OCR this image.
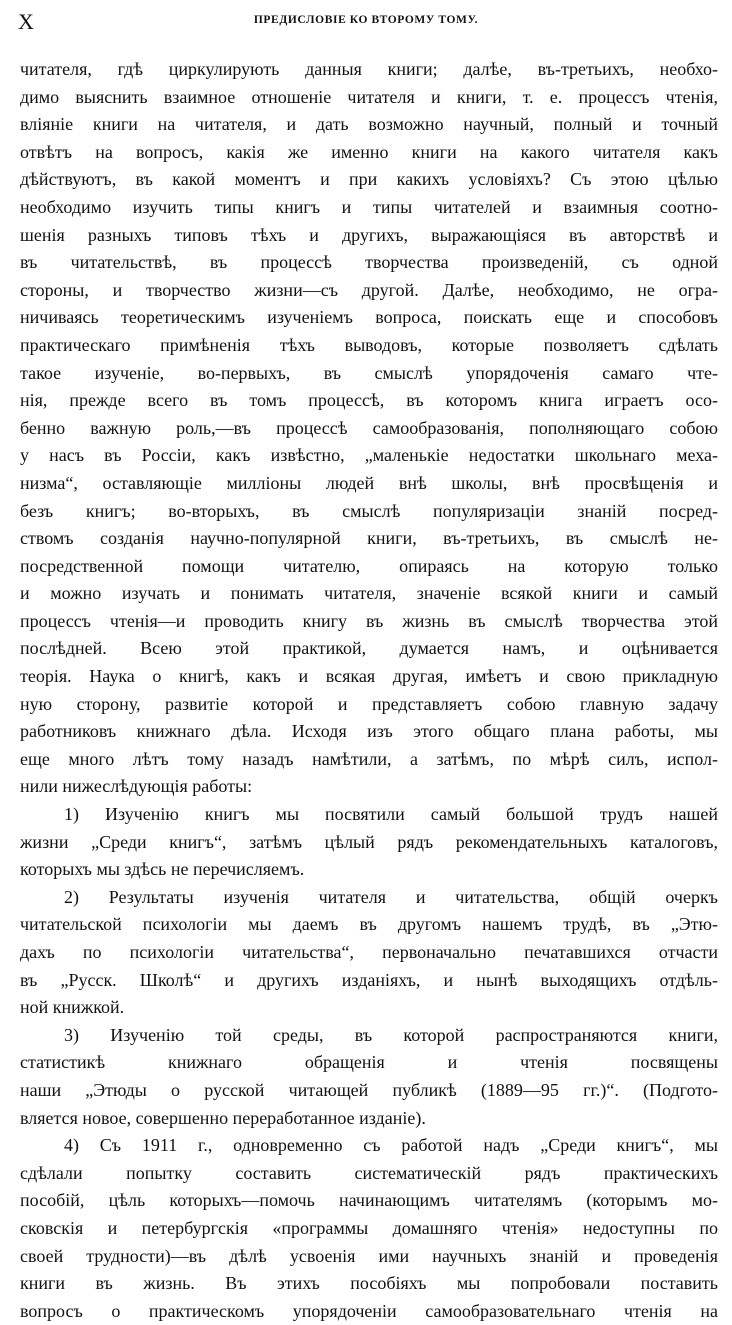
X	ПРЕДИСЛОВІЕ КО ВТОРОМУ ТОМУ.
читателя, гдѣ циркулирують данныя книги; далѣе, въ-третьихъ, необхо-
димо выяснить взаимное отношеніе читателя и книги, т. е. процессъ чтенія,
вліяніе книги на читателя, и дать возможно научный, полный и точный
отвѣтъ на вопросъ, какія же именно книги на какого читателя какъ
дѣйствуютъ, въ какой моментъ и при какихъ условіяхъ? Съ этою цѣлью
необходимо изучить типы книгъ и типы читателей и взаимныя соотно-
шенія разныхъ типовъ тѣхъ и другихъ, выражающіяся въ авторствѣ и
въ читательствѣ, въ процессѣ творчества произведеній, съ одной
стороны, и творчество жизни—съ другой. Далѣе, необходимо, не огра-
ничиваясь теоретическимъ изученіемъ вопроса, поискать еще и способовъ
практическаго примѣненія тѣхъ выводовъ, которые позволяетъ сдѣлать
такое изученіе, во-первыхъ, въ смыслѣ упорядоченія самаго чте-
нія, прежде всего въ томъ процессѣ, въ которомъ книга играетъ осо-
бенно важную роль,—въ процессѣ самообразованія, пополняющаго собою
у насъ въ Россіи, какъ извѣстно, „маленькіе недостатки школьнаго меха-
низма“, оставляющіе милліоны людей внѣ школы, внѣ просвѣщенія и
безъ книгъ; во-вторыхъ, въ смыслѣ популяризаціи знаній посред-
ствомъ созданія научно-популярной книги, въ-третьихъ, въ смыслѣ не-
посредственной помощи читателю, опираясь на которую только
и можно изучать и понимать читателя, значеніе всякой книги и самый
процессъ чтенія—и проводить книгу въ жизнь въ смыслѣ творчества этой
послѣдней. Всею этой практикой, думается намъ, и оцѣнивается
теорія. Наука о книгѣ, какъ и всякая другая, имѣетъ и свою прикладную
ную сторону, развитіе которой и представляетъ собою главную задачу
работниковъ книжнаго дѣла. Исходя изъ этого общаго плана работы, мы
еще много лѣтъ тому назадъ намѣтили, а затѣмъ, по мѣрѣ силъ, испол-
нили нижеслѣдующія работы:
1) Изученію книгъ мы посвятили самый большой трудъ нашей
жизни „Среди книгъ“, затѣмъ цѣлый рядъ рекомендательныхъ каталоговъ,
которыхъ мы здѣсь не перечисляемъ.
2) Результаты изученія читателя и читательства, общій очеркъ
читательской психологіи мы даемъ въ другомъ нашемъ трудѣ, въ „Этю-
дахъ по психологіи читательства“, первоначально печатавшихся отчасти
въ „Русск. Школѣ“ и другихъ изданіяхъ, и нынѣ выходящихъ отдѣль-
ной книжкой.
3) Изученію той среды, въ которой распространяются книги,
статистикѣ книжнаго обращенія и чтенія посвящены
наши „Этюды о русской читающей публикѣ (1889—95 гг.)“. (Подгото-
вляется новое, совершенно переработанное изданіе).
4) Съ 1911 г., одновременно съ работой надъ „Среди книгъ“, мы
сдѣлали попытку составить систематическій рядъ практическихъ
пособій, цѣль которыхъ—помочь начинающимъ читателямъ (которымъ мо-
сковскія и петербургскія «программы домашняго чтенія» недоступны по
своей трудности)—въ дѣлѣ усвоенія ими научныхъ знаній и проведенія
книги въ жизнь. Въ этихъ пособіяхъ мы попробовали поставить
вопросъ о практическомъ упорядоченіи самообразовательнаго чтенія на
